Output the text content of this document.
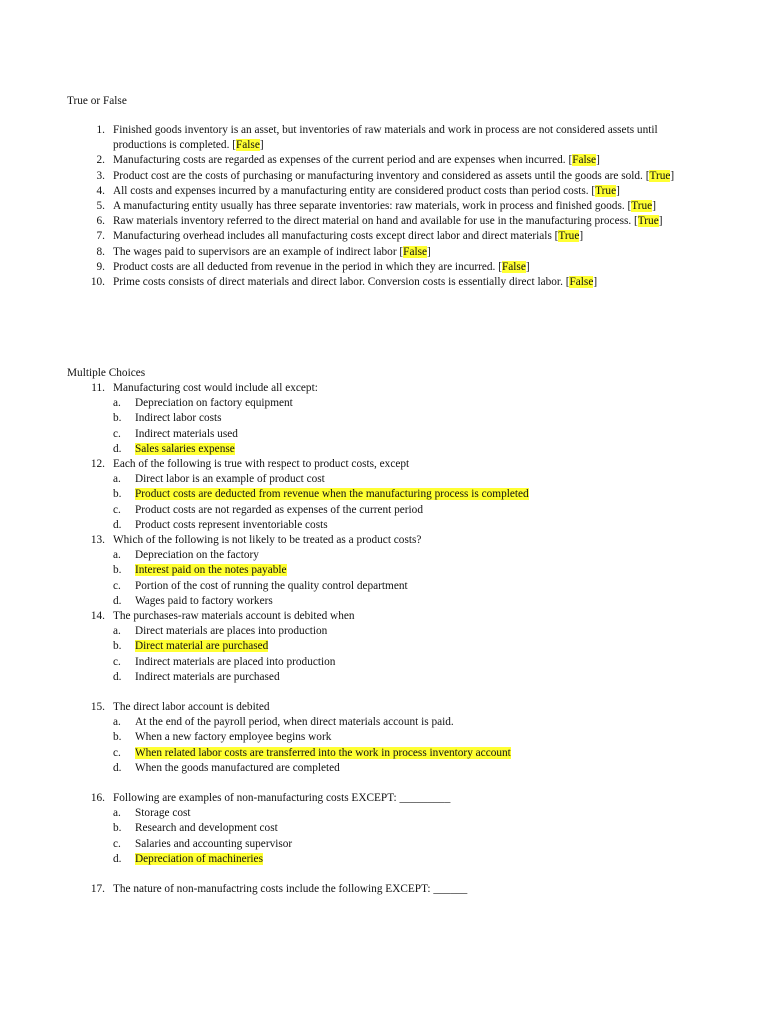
True or False
1. Finished goods inventory is an asset, but inventories of raw materials and work in process are not considered assets until productions is completed. [False]
2. Manufacturing costs are regarded as expenses of the current period and are expenses when incurred. [False]
3. Product cost are the costs of purchasing or manufacturing inventory and considered as assets until the goods are sold. [True]
4. All costs and expenses incurred by a manufacturing entity are considered product costs than period costs. [True]
5. A manufacturing entity usually has three separate inventories: raw materials, work in process and finished goods. [True]
6. Raw materials inventory referred to the direct material on hand and available for use in the manufacturing process. [True]
7. Manufacturing overhead includes all manufacturing costs except direct labor and direct materials [True]
8. The wages paid to supervisors are an example of indirect labor [False]
9. Product costs are all deducted from revenue in the period in which they are incurred. [False]
10. Prime costs consists of direct materials and direct labor. Conversion costs is essentially direct labor. [False]
Multiple Choices
11. Manufacturing cost would include all except:
a. Depreciation on factory equipment
b. Indirect labor costs
c. Indirect materials used
d. Sales salaries expense
12. Each of the following is true with respect to product costs, except
a. Direct labor is an example of product cost
b. Product costs are deducted from revenue when the manufacturing process is completed
c. Product costs are not regarded as expenses of the current period
d. Product costs represent inventoriable costs
13. Which of the following is not likely to be treated as a product costs?
a. Depreciation on the factory
b. Interest paid on the notes payable
c. Portion of the cost of running the quality control department
d. Wages paid to factory workers
14. The purchases-raw materials account is debited when
a. Direct materials are places into production
b. Direct material are purchased
c. Indirect materials are placed into production
d. Indirect materials are purchased
15. The direct labor account is debited
a. At the end of the payroll period, when direct materials account is paid.
b. When a new factory employee begins work
c. When related labor costs are transferred into the work in process inventory account
d. When the goods manufactured are completed
16. Following are examples of non-manufacturing costs EXCEPT: _________
a. Storage cost
b. Research and development cost
c. Salaries and accounting supervisor
d. Depreciation of machineries
17. The nature of non-manufactring costs include the following EXCEPT: ______
